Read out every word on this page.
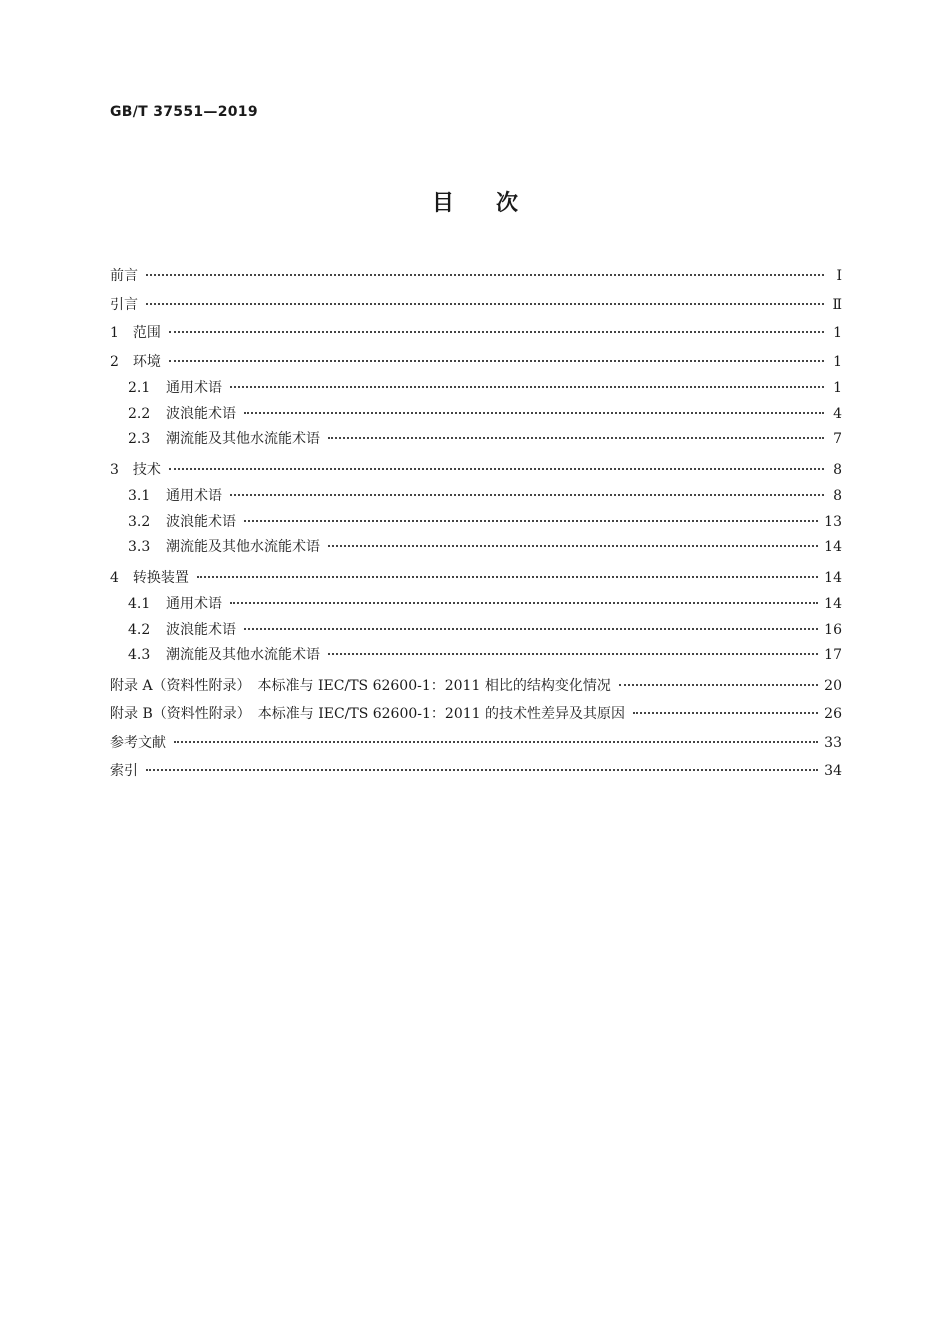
GB/T 37551—2019
目次
前言	Ⅰ
引言	Ⅱ
1 范围	1
2 环境	1
2.1 通用术语	1
2.2 波浪能术语	4
2.3 潮流能及其他水流能术语	7
3 技术	8
3.1 通用术语	8
3.2 波浪能术语	13
3.3 潮流能及其他水流能术语	14
4 转换装置	14
4.1 通用术语	14
4.2 波浪能术语	16
4.3 潮流能及其他水流能术语	17
附录 A（资料性附录）　本标准与 IEC/TS 62600-1：2011 相比的结构变化情况	20
附录 B（资料性附录）　本标准与 IEC/TS 62600-1：2011 的技术性差异及其原因	26
参考文献	33
索引	34
